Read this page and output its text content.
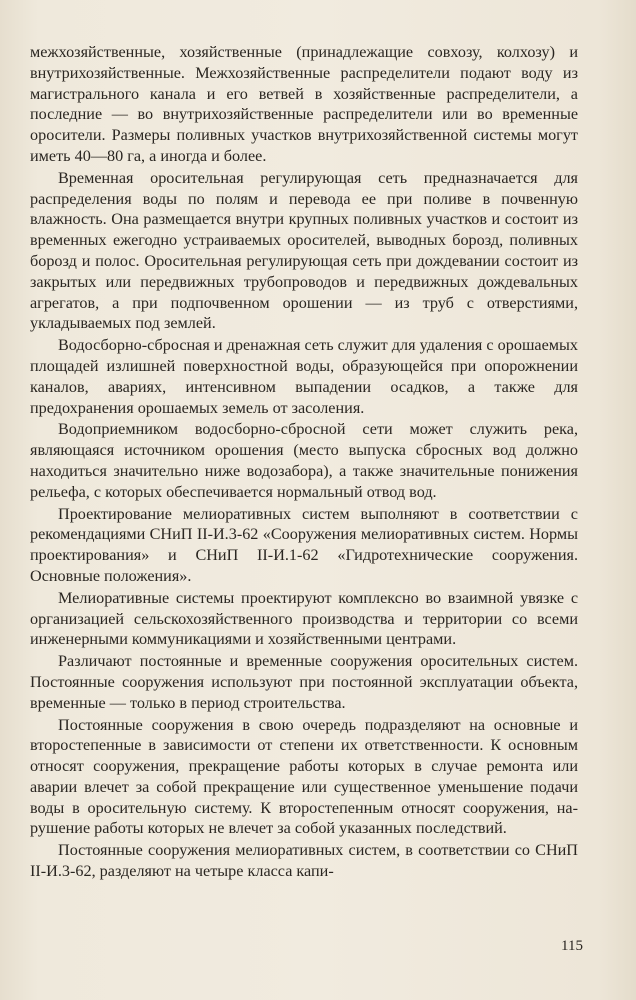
межхозяйственные, хозяйственные (принадлежащие совхозу, колхозу) и внутрихозяйственные. Межхозяйственные распределители подают воду из магистрального канала и его ветвей в хозяйственные распределители, а последние — во внутрихозяйственные распределители или во временные оросители. Размеры поливных участков внутрихозяйственной системы могут иметь 40—80 га, а иногда и более.

Временная оросительная регулирующая сеть предназначается для распределения воды по полям и перевода ее при поливе в почвенную влажность. Она размещается внутри крупных поливных участков и состоит из временных ежегодно устраиваемых оросителей, выводных борозд, поливных борозд и полос. Оросительная регулирующая сеть при дождевании состоит из закрытых или передвижных трубопроводов и передвижных дождевальных агрегатов, а при подпочвенном орошении — из труб с отверстиями, укладываемых под землей.

Водосборно-сбросная и дренажная сеть служит для удаления с орошаемых площадей излишней поверхностной воды, образующейся при опорожнении каналов, авариях, интенсивном выпадении осадков, а также для предохранения орошаемых земель от засоления.

Водоприемником водосборно-сбросной сети может служить река, являющаяся источником орошения (место выпуска сбросных вод должно находиться значительно ниже водозабора), а также значительные понижения рельефа, с которых обеспечивается нормальный отвод вод.

Проектирование мелиоративных систем выполняют в соответствии с рекомендациями СНиП II-И.3-62 «Сооружения мелиоративных систем. Нормы проектирования» и СНиП II-И.1-62 «Гидротехнические сооружения. Основные положения».

Мелиоративные системы проектируют комплексно во взаимной увязке с организацией сельскохозяйственного производства и территории со всеми инженерными коммуникациями и хозяйственными центрами.

Различают постоянные и временные сооружения оросительных систем. Постоянные сооружения используют при постоянной эксплуатации объекта, временные — только в период строительства.

Постоянные сооружения в свою очередь подразделяют на основные и второстепенные в зависимости от степени их ответственности. К основным относят сооружения, прекращение работы которых в случае ремонта или аварии влечет за собой прекращение или существенное уменьшение подачи воды в оросительную систему. К второстепенным относят сооружения, нарушение работы которых не влечет за собой указанных последствий.

Постоянные сооружения мелиоративных систем, в соответствии со СНиП II-И.3-62, разделяют на четыре класса капи-

115
